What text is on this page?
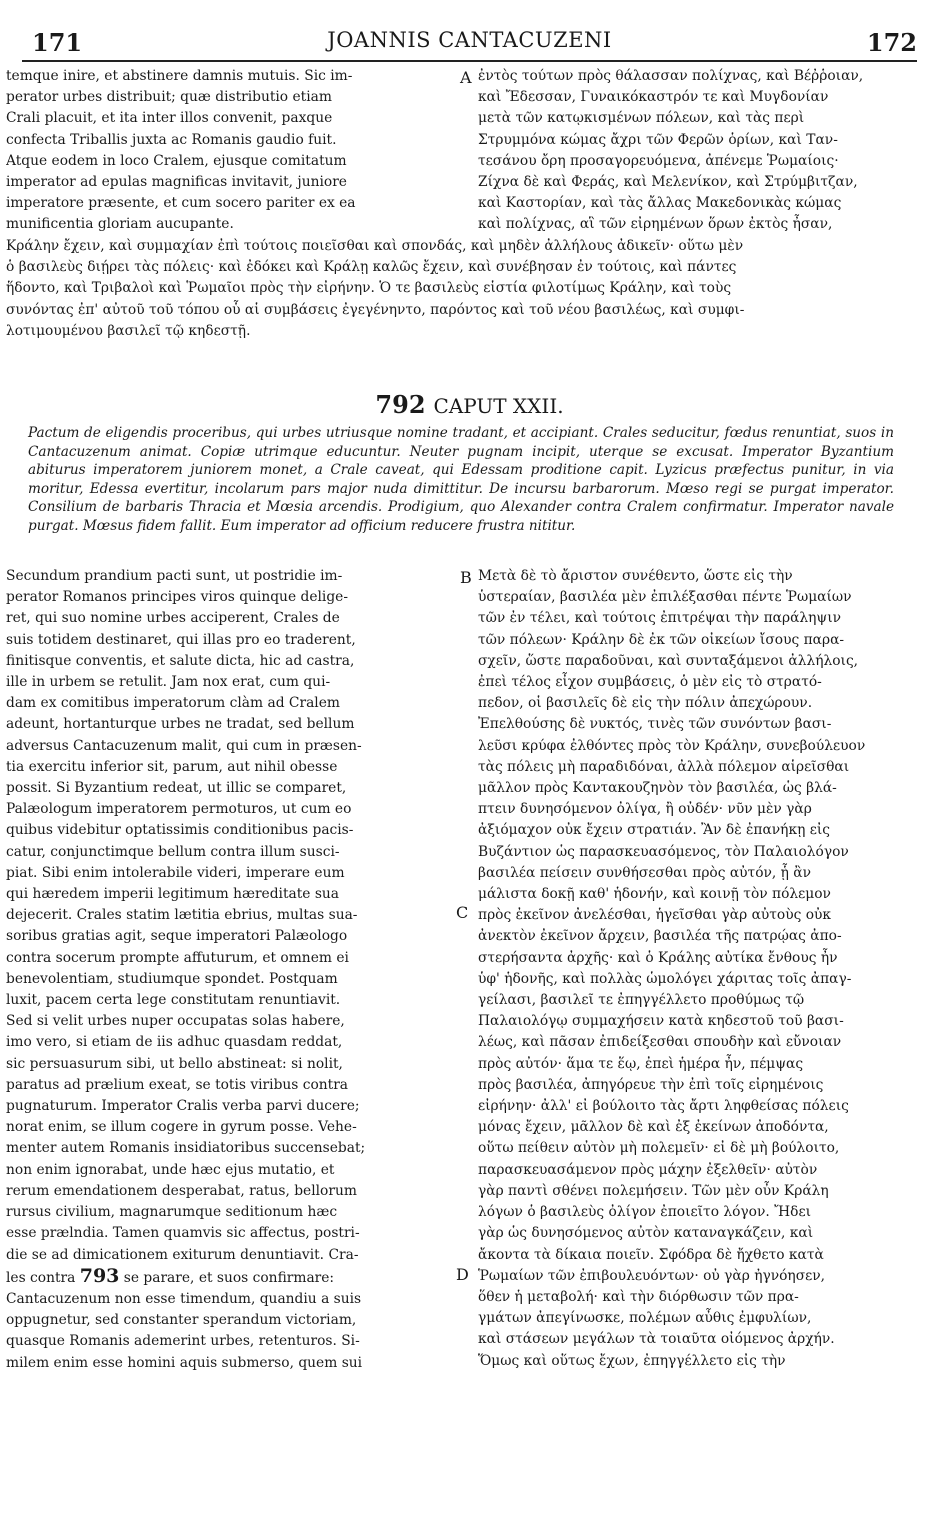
171	JOANNIS CANTACUZENI	172
temque inire, et abstinere damnis mutuis. Sic im-
perator urbes distribuit; quæ distributio etiam
Crali placuit, et ita inter illos convenit, paxque
confecta Triballis juxta ac Romanis gaudio fuit.
Atque eodem in loco Cralem, ejusque comitatum
imperator ad epulas magnificas invitavit, juniore
imperatore præsente, et cum socero pariter ex ea
munificentia gloriam aucupante.
ἐντὸς τούτων πρὸς θάλασσαν πολίχνας, καὶ Βέῤῥοιαν,
καὶ Ἔδεσσαν, Γυναικόκαστρόν τε καὶ Μυγδονίαν
μετὰ τῶν κατῳκισμένων πόλεων, καὶ τὰς περὶ
Στρυμμόνα κώμας ἄχρι τῶν Φερῶν ὁρίων, καὶ Ταν-
τεσάνου ὄρη προσαγορευόμενα, ἀπένεμε Ῥωμαίοις·
Ζίχνα δὲ καὶ Φεράς, καὶ Μελενίκον, καὶ Στρύμβιτζαν,
καὶ Καστορίαν, καὶ τὰς ἄλλας Μακεδονικὰς κώμας
καὶ πολίχνας, αἳ τῶν εἰρημένων ὅρων ἐκτὸς ἦσαν,
A
Κράλην ἔχειν, καὶ συμμαχίαν ἐπὶ τούτοις ποιεῖσθαι καὶ σπονδάς, καὶ μηδὲν ἀλλήλους ἀδικεῖν· οὕτω μὲν
ὁ βασιλεὺς διῄρει τὰς πόλεις· καὶ ἐδόκει καὶ Κράλῃ καλῶς ἔχειν, καὶ συνέβησαν ἐν τούτοις, καὶ πάντες
ἥδοντο, καὶ Τριβαλοὶ καὶ Ῥωμαῖοι πρὸς τὴν εἰρήνην. Ὁ τε βασιλεὺς εἱστία φιλοτίμως Κράλην, καὶ τοὺς
συνόντας ἐπ' αὐτοῦ τοῦ τόπου οὗ αἱ συμβάσεις ἐγεγένηντο, παρόντος καὶ τοῦ νέου βασιλέως, καὶ συμφι-
λοτιμουμένου βασιλεῖ τῷ κηδεστῇ.
792 CAPUT XXII.
Pactum de eligendis proceribus, qui urbes utriusque nomine tradant, et accipiant. Crales seducitur, fœdus renuntiat, suos in Cantacuzenum animat. Copiæ utrimque educuntur. Neuter pugnam incipit, uterque se excusat. Imperator Byzantium abiturus imperatorem juniorem monet, a Crale caveat, qui Edessam proditione capit. Lyzicus præfectus punitur, in via moritur, Edessa evertitur, incolarum pars major nuda dimittitur. De incursu barbarorum. Mœso regi se purgat imperator. Consilium de barbaris Thracia et Mœsia arcendis. Prodigium, quo Alexander contra Cralem confirmatur. Imperator navale purgat. Mœsus fidem fallit. Eum imperator ad officium reducere frustra nititur.
Secundum prandium pacti sunt, ut postridie im-
perator Romanos principes viros quinque delige-
ret, qui suo nomine urbes acciperent, Crales de
suis totidem destinaret, qui illas pro eo traderent,
finitisque conventis, et salute dicta, hic ad castra,
ille in urbem se retulit. Jam nox erat, cum qui-
dam ex comitibus imperatorum clàm ad Cralem
adeunt, hortanturque urbes ne tradat, sed bellum
adversus Cantacuzenum malit, qui cum in præsen-
tia exercitu inferior sit, parum, aut nihil obesse
possit. Si Byzantium redeat, ut illic se comparet,
Palæologum imperatorem permoturos, ut cum eo
quibus videbitur optatissimis conditionibus pacis-
catur, conjunctimque bellum contra illum susci-
piat. Sibi enim intolerabile videri, imperare eum
qui hæredem imperii legitimum hæreditate sua
dejecerit. Crales statim lætitia ebrius, multas sua-
soribus gratias agit, seque imperatori Palæologo
contra socerum prompte affuturum, et omnem ei
benevolentiam, studiumque spondet. Postquam
luxit, pacem certa lege constitutam renuntiavit.
Sed si velit urbes nuper occupatas solas habere,
imo vero, si etiam de iis adhuc quasdam reddat,
sic persuasurum sibi, ut bello abstineat: si nolit,
paratus ad prælium exeat, se totis viribus contra
pugnaturum. Imperator Cralis verba parvi ducere;
norat enim, se illum cogere in gyrum posse. Vehe-
menter autem Romanis insidiatoribus succensebat;
non enim ignorabat, unde hæc ejus mutatio, et
rerum emendationem desperabat, ratus, bellorum
rursus civilium, magnarumque seditionum hæc
esse prælndia. Tamen quamvis sic affectus, postri-
die se ad dimicationem exiturum denuntiavit. Cra-
les contra 793 se parare, et suos confirmare:
Cantacuzenum non esse timendum, quandiu a suis
oppugnetur, sed constanter sperandum victoriam,
quasque Romanis ademerint urbes, retenturos. Si-
milem enim esse homini aquis submerso, quem sui
Μετὰ δὲ τὸ ἄριστον συνέθεντο, ὥστε εἰς τὴν
ὑστεραίαν, βασιλέα μὲν ἐπιλέξασθαι πέντε Ῥωμαίων
τῶν ἐν τέλει, καὶ τούτοις ἐπιτρέψαι τὴν παράληψιν
τῶν πόλεων· Κράλην δὲ ἐκ τῶν οἰκείων ἴσους παρα-
σχεῖν, ὥστε παραδοῦναι, καὶ συνταξάμενοι ἀλλήλοις,
ἐπεὶ τέλος εἶχον συμβάσεις, ὁ μὲν εἰς τὸ στρατό-
πεδον, οἱ βασιλεῖς δὲ εἰς τὴν πόλιν ἀπεχώρουν.
Ἐπελθούσης δὲ νυκτός, τινὲς τῶν συνόντων βασι-
λεῦσι κρύφα ἐλθόντες πρὸς τὸν Κράλην, συνεβούλευον
τὰς πόλεις μὴ παραδιδόναι, ἀλλὰ πόλεμον αἱρεῖσθαι
μᾶλλον πρὸς Καντακουζηνὸν τὸν βασιλέα, ὡς βλά-
πτειν δυνησόμενον ὀλίγα, ἢ οὐδέν· νῦν μὲν γὰρ
ἀξιόμαχον οὐκ ἔχειν στρατιάν. Ἂν δὲ ἐπανήκῃ εἰς
Βυζάντιον ὡς παρασκευασόμενος, τὸν Παλαιολόγον
βασιλέα πείσειν συνθήσεσθαι πρὸς αὐτόν, ᾗ ἂν
μάλιστα δοκῇ καθ' ἡδονήν, καὶ κοινῇ τὸν πόλεμον
πρὸς ἐκεῖνον ἀνελέσθαι, ἡγεῖσθαι γὰρ αὐτοὺς οὐκ
ἀνεκτὸν ἐκεῖνον ἄρχειν, βασιλέα τῆς πατρῴας ἀπο-
στερήσαντα ἀρχῆς· καὶ ὁ Κράλης αὐτίκα ἔνθους ἦν
ὑφ' ἡδονῆς, καὶ πολλὰς ὡμολόγει χάριτας τοῖς ἀπαγ-
γείλασι, βασιλεῖ τε ἐπηγγέλλετο προθύμως τῷ
Παλαιολόγῳ συμμαχήσειν κατὰ κηδεστοῦ τοῦ βασι-
λέως, καὶ πᾶσαν ἐπιδείξεσθαι σπουδὴν καὶ εὔνοιαν
πρὸς αὐτόν· ἅμα τε ἕῳ, ἐπεὶ ἡμέρα ἦν, πέμψας
πρὸς βασιλέα, ἀπηγόρευε τὴν ἐπὶ τοῖς εἰρημένοις
εἰρήνην· ἀλλ' εἰ βούλοιτο τὰς ἄρτι ληφθείσας πόλεις
μόνας ἔχειν, μᾶλλον δὲ καὶ ἐξ ἐκείνων ἀποδόντα,
οὕτω πείθειν αὐτὸν μὴ πολεμεῖν· εἰ δὲ μὴ βούλοιτο,
παρασκευασάμενον πρὸς μάχην ἐξελθεῖν· αὐτὸν
γὰρ παντὶ σθένει πολεμήσειν. Τῶν μὲν οὖν Κράλη
λόγων ὁ βασιλεὺς ὀλίγον ἐποιεῖτο λόγον. Ἤδει
γὰρ ὡς δυνησόμενος αὐτὸν καταναγκάζειν, καὶ
ἄκοντα τὰ δίκαια ποιεῖν. Σφόδρα δὲ ἤχθετο κατὰ
Ῥωμαίων τῶν ἐπιβουλευόντων· οὐ γὰρ ἠγνόησεν,
ὅθεν ἡ μεταβολή· καὶ τὴν διόρθωσιν τῶν πρα-
γμάτων ἀπεγίνωσκε, πολέμων αὖθις ἐμφυλίων,
καὶ στάσεων μεγάλων τὰ τοιαῦτα οἰόμενος ἀρχήν.
Ὅμως καὶ οὕτως ἔχων, ἐπηγγέλλετο εἰς τὴν
B
C
D
